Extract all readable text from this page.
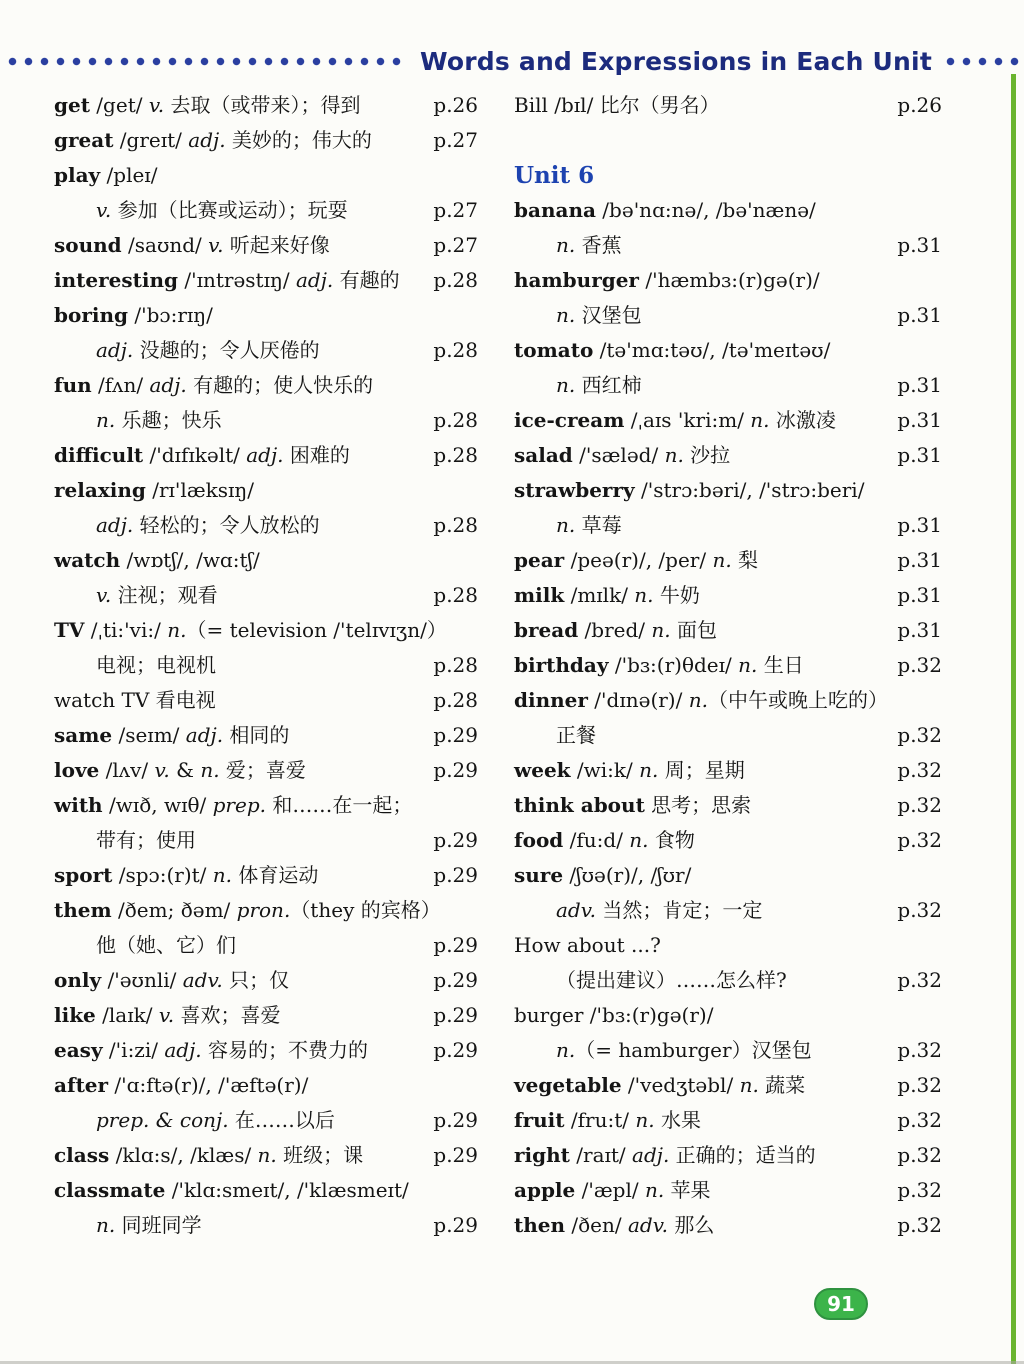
Words and Expressions in Each Unit
get /get/ v. 去取（或带来）；得到	p.26
great /greɪt/ adj. 美妙的；伟大的	p.27
play /pleɪ/
v. 参加（比赛或运动）；玩耍	p.27
sound /saʊnd/ v. 听起来好像	p.27
interesting /'ɪntrəstɪŋ/ adj. 有趣的 p.28
boring /'bɔ:rɪŋ/
adj. 没趣的；令人厌倦的	p.28
fun /fʌn/ adj. 有趣的；使人快乐的
n. 乐趣；快乐	p.28
difficult /'dɪfɪkəlt/ adj. 困难的	p.28
relaxing /rɪ'læksɪŋ/
adj. 轻松的；令人放松的	p.28
watch /wɒtʃ/, /wɑ:tʃ/
v. 注视；观看	p.28
TV /ˌti:'vi:/ n.（= television /'telɪvɪʒn/）
电视；电视机	p.28
watch TV 看电视	p.28
same /seɪm/ adj. 相同的	p.29
love /lʌv/ v. & n. 爱；喜爱	p.29
with /wɪð, wɪθ/ prep. 和……在一起；
带有；使用	p.29
sport /spɔ:(r)t/ n. 体育运动	p.29
them /ðem; ðəm/ pron.（they 的宾格）
他（她、它）们	p.29
only /'əʊnli/ adv. 只；仅	p.29
like /laɪk/ v. 喜欢；喜爱	p.29
easy /'i:zi/ adj. 容易的；不费力的	p.29
after /'ɑ:ftə(r)/, /'æftə(r)/
prep. & conj. 在……以后	p.29
class /klɑ:s/, /klæs/ n. 班级；课	p.29
classmate /'klɑ:smeɪt/, /'klæsmeɪt/
n. 同班同学	p.29
Bill /bɪl/ 比尔（男名）	p.26
Unit 6
banana /bə'nɑ:nə/, /bə'nænə/
n. 香蕉	p.31
hamburger /'hæmbɜ:(r)gə(r)/
n. 汉堡包	p.31
tomato /tə'mɑ:təʊ/, /tə'meɪtəʊ/
n. 西红柿	p.31
ice-cream /ˌaɪs 'kri:m/ n. 冰激凌	p.31
salad /'sæləd/ n. 沙拉	p.31
strawberry /'strɔ:bəri/, /'strɔ:beri/
n. 草莓	p.31
pear /peə(r)/, /per/ n. 梨	p.31
milk /mɪlk/ n. 牛奶	p.31
bread /bred/ n. 面包	p.31
birthday /'bɜ:(r)θdeɪ/ n. 生日	p.32
dinner /'dɪnə(r)/ n.（中午或晚上吃的）
正餐	p.32
week /wi:k/ n. 周；星期	p.32
think about 思考；思索	p.32
food /fu:d/ n. 食物	p.32
sure /ʃʊə(r)/, /ʃʊr/
adv. 当然；肯定；一定	p.32
How about ...?
（提出建议）……怎么样?	p.32
burger /'bɜ:(r)gə(r)/
n.（= hamburger）汉堡包	p.32
vegetable /'vedʒtəbl/ n. 蔬菜	p.32
fruit /fru:t/ n. 水果	p.32
right /raɪt/ adj. 正确的；适当的	p.32
apple /'æpl/ n. 苹果	p.32
then /ðen/ adv. 那么	p.32
91
